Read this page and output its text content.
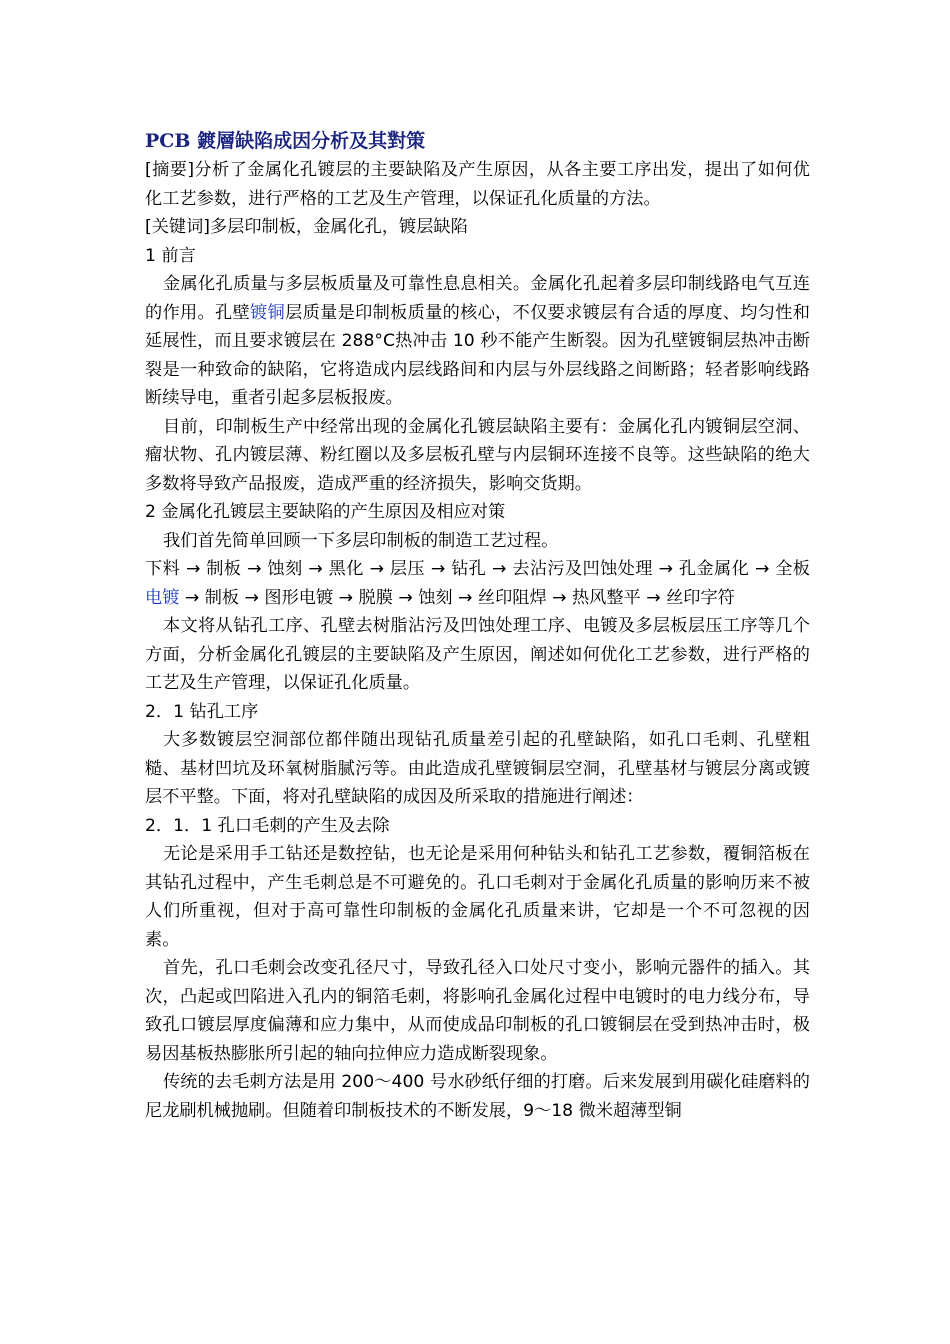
PCB 鍍層缺陷成因分析及其對策

[摘要]分析了金属化孔镀层的主要缺陷及产生原因，从各主要工序出发，提出了如何优化工艺参数，进行严格的工艺及生产管理，以保证孔化质量的方法。

[关键词]多层印制板，金属化孔，镀层缺陷

1 前言

金属化孔质量与多层板质量及可靠性息息相关。金属化孔起着多层印制线路电气互连的作用。孔壁镀铜层质量是印制板质量的核心，不仅要求镀层有合适的厚度、均匀性和延展性，而且要求镀层在 288°C热冲击 10 秒不能产生断裂。因为孔壁镀铜层热冲击断裂是一种致命的缺陷，它将造成内层线路间和内层与外层线路之间断路；轻者影响线路断续导电，重者引起多层板报废。

目前，印制板生产中经常出现的金属化孔镀层缺陷主要有：金属化孔内镀铜层空洞、瘤状物、孔内镀层薄、粉红圈以及多层板孔壁与内层铜环连接不良等。这些缺陷的绝大多数将导致产品报废，造成严重的经济损失，影响交货期。

2 金属化孔镀层主要缺陷的产生原因及相应对策

我们首先简单回顾一下多层印制板的制造工艺过程。

下料 → 制板 → 蚀刻 → 黑化 → 层压 → 钻孔 → 去沾污及凹蚀处理 → 孔金属化 → 全板电镀 → 制板 → 图形电镀 → 脱膜 → 蚀刻 → 丝印阻焊 → 热风整平 → 丝印字符

本文将从钻孔工序、孔壁去树脂沾污及凹蚀处理工序、电镀及多层板层压工序等几个方面，分析金属化孔镀层的主要缺陷及产生原因，阐述如何优化工艺参数，进行严格的工艺及生产管理，以保证孔化质量。

2．1 钻孔工序

大多数镀层空洞部位都伴随出现钻孔质量差引起的孔壁缺陷，如孔口毛刺、孔壁粗糙、基材凹坑及环氧树脂腻污等。由此造成孔壁镀铜层空洞，孔壁基材与镀层分离或镀层不平整。下面，将对孔壁缺陷的成因及所采取的措施进行阐述：

2．1．1 孔口毛刺的产生及去除

无论是采用手工钻还是数控钻，也无论是采用何种钻头和钻孔工艺参数，覆铜箔板在其钻孔过程中，产生毛刺总是不可避免的。孔口毛刺对于金属化孔质量的影响历来不被人们所重视，但对于高可靠性印制板的金属化孔质量来讲，它却是一个不可忽视的因素。

首先，孔口毛刺会改变孔径尺寸，导致孔径入口处尺寸变小，影响元器件的插入。其次，凸起或凹陷进入孔内的铜箔毛刺，将影响孔金属化过程中电镀时的电力线分布，导致孔口镀层厚度偏薄和应力集中，从而使成品印制板的孔口镀铜层在受到热冲击时，极易因基板热膨胀所引起的轴向拉伸应力造成断裂现象。

传统的去毛刺方法是用 200～400 号水砂纸仔细的打磨。后来发展到用碳化硅磨料的尼龙刷机械抛刷。但随着印制板技术的不断发展，9～18 微米超薄型铜
